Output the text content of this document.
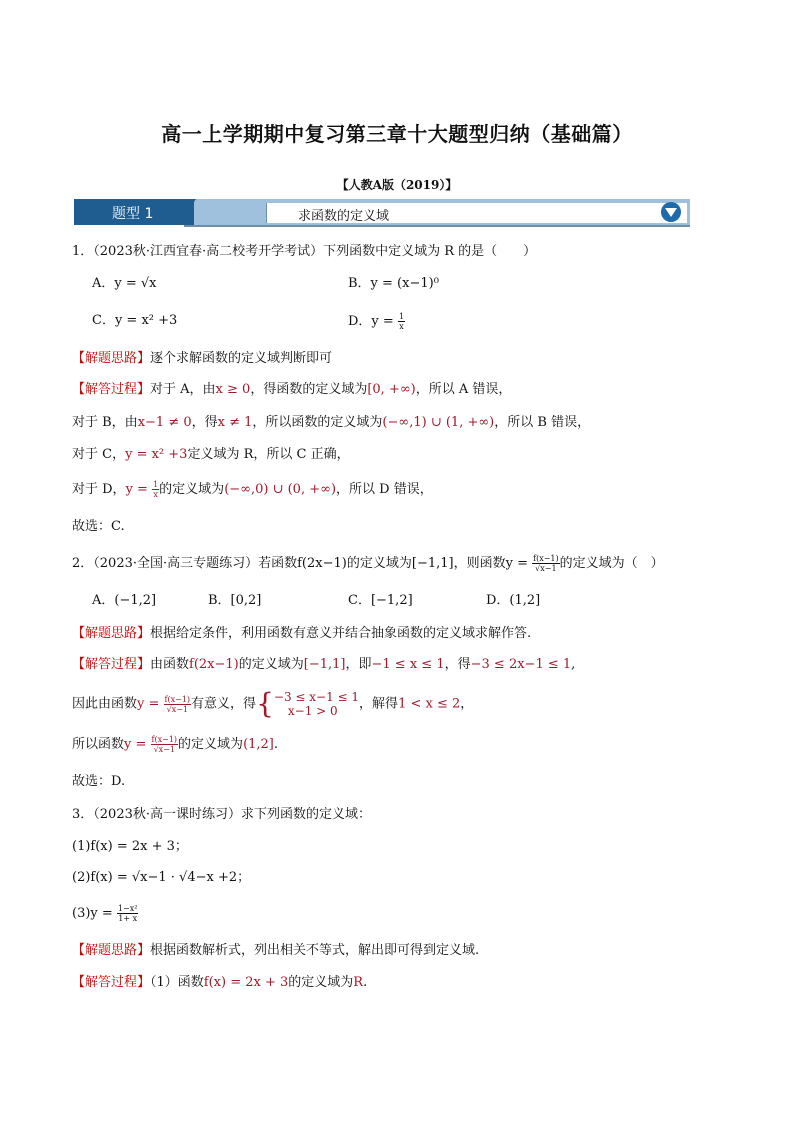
高一上学期期中复习第三章十大题型归纳（基础篇）
【人教A版（2019）】
题型 1	求函数的定义域
1．（2023秋·江西宜春·高二校考开学考试）下列函数中定义域为 R 的是（　　）
A．y = √x	B．y = (x−1)⁰
C．y = x² +3	D．$y = \frac{1}{x}$
【解题思路】逐个求解函数的定义域判断即可
【解答过程】对于 A，由x ≥ 0，得函数的定义域为[0, +∞)，所以 A 错误，
对于 B，由x−1 ≠ 0，得x ≠ 1，所以函数的定义域为(−∞,1) ∪ (1, +∞)，所以 B 错误，
对于 C，y = x² +3定义域为 R，所以 C 正确，
对于 D，$y = \frac{1}{x}$ 的定义域为(−∞,0) ∪ (0, +∞)，所以 D 错误，
故选：C.
2．（2023·全国·高三专题练习）若函数f(2x−1)的定义域为[−1,1]，则函数$y = \frac{f(x-1)}{√x-1}$ 的定义域为（　）
A．(−1,2]	B．[0,2]	C．[−1,2]	D．(1,2]
【解题思路】根据给定条件，利用函数有意义并结合抽象函数的定义域求解作答.
【解答过程】由函数f(2x−1)的定义域为[−1,1]，即−1 ≤ x ≤ 1，得−3 ≤ 2x−1 ≤ 1,
因此由函数$y = \frac{f(x-1)}{√x-1}$ 有意义，得{ −3 ≤ x−1 ≤ 1
x−1 > 0	，解得1 < x ≤ 2，
所以函数$y = \frac{f(x-1)}{√x-1}$ 的定义域为(1,2].
故选：D.
3．（2023秋·高一课时练习）求下列函数的定义域：
(1)f(x) = 2x + 3；
(2)f(x) = √x−1 · √4−x +2；
$(3)y = \frac{\text{1−x²}}{1+ x}$
【解题思路】根据函数解析式，列出相关不等式，解出即可得到定义域.
【解答过程】（1）函数f(x) = 2x + 3的定义域为R.
